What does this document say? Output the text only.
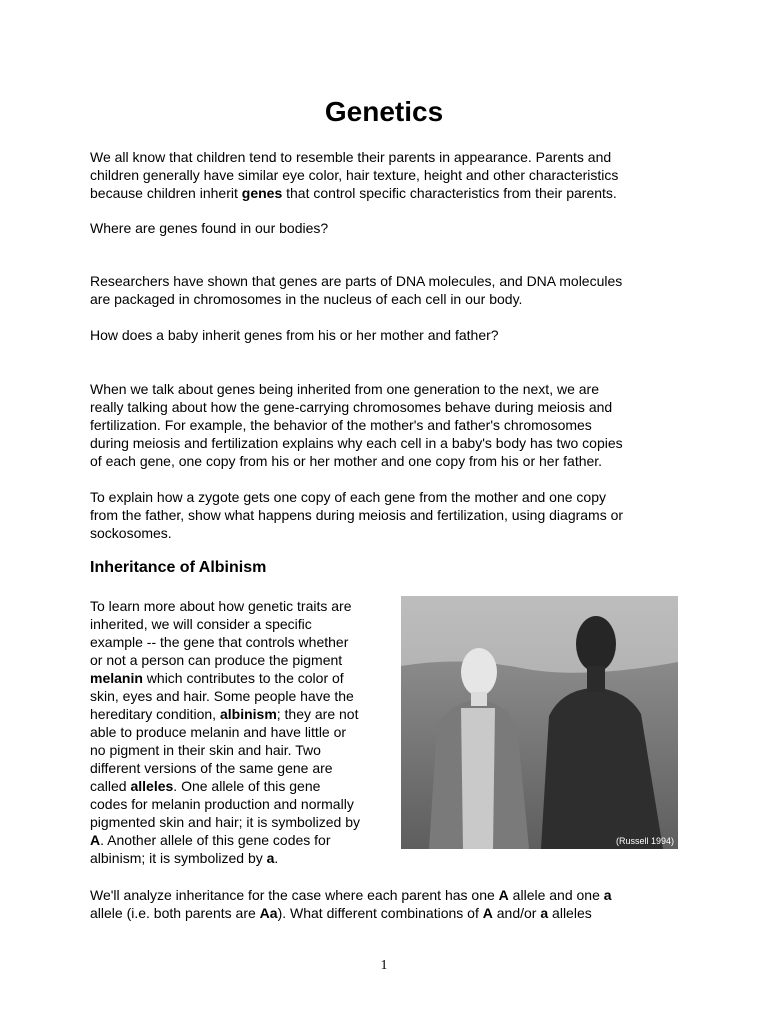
Genetics

We all know that children tend to resemble their parents in appearance. Parents and
children generally have similar eye color, hair texture, height and other characteristics
because children inherit genes that control specific characteristics from their parents.

Where are genes found in our bodies?

Researchers have shown that genes are parts of DNA molecules, and DNA molecules
are packaged in chromosomes in the nucleus of each cell in our body.

How does a baby inherit genes from his or her mother and father?

When we talk about genes being inherited from one generation to the next, we are
really talking about how the gene-carrying chromosomes behave during meiosis and
fertilization. For example, the behavior of the mother's and father's chromosomes
during meiosis and fertilization explains why each cell in a baby's body has two copies
of each gene, one copy from his or her mother and one copy from his or her father.

To explain how a zygote gets one copy of each gene from the mother and one copy
from the father, show what happens during meiosis and fertilization, using diagrams or
sockosomes.

Inheritance of Albinism

To learn more about how genetic traits are
inherited, we will consider a specific
example -- the gene that controls whether
or not a person can produce the pigment
melanin which contributes to the color of
skin, eyes and hair. Some people have the
hereditary condition, albinism; they are not
able to produce melanin and have little or
no pigment in their skin and hair. Two
different versions of the same gene are
called alleles. One allele of this gene
codes for melanin production and normally
pigmented skin and hair; it is symbolized by
A. Another allele of this gene codes for
albinism; it is symbolized by a.

(Russell 1994)

We'll analyze inheritance for the case where each parent has one A allele and one a
allele (i.e. both parents are Aa). What different combinations of A and/or a alleles

1
